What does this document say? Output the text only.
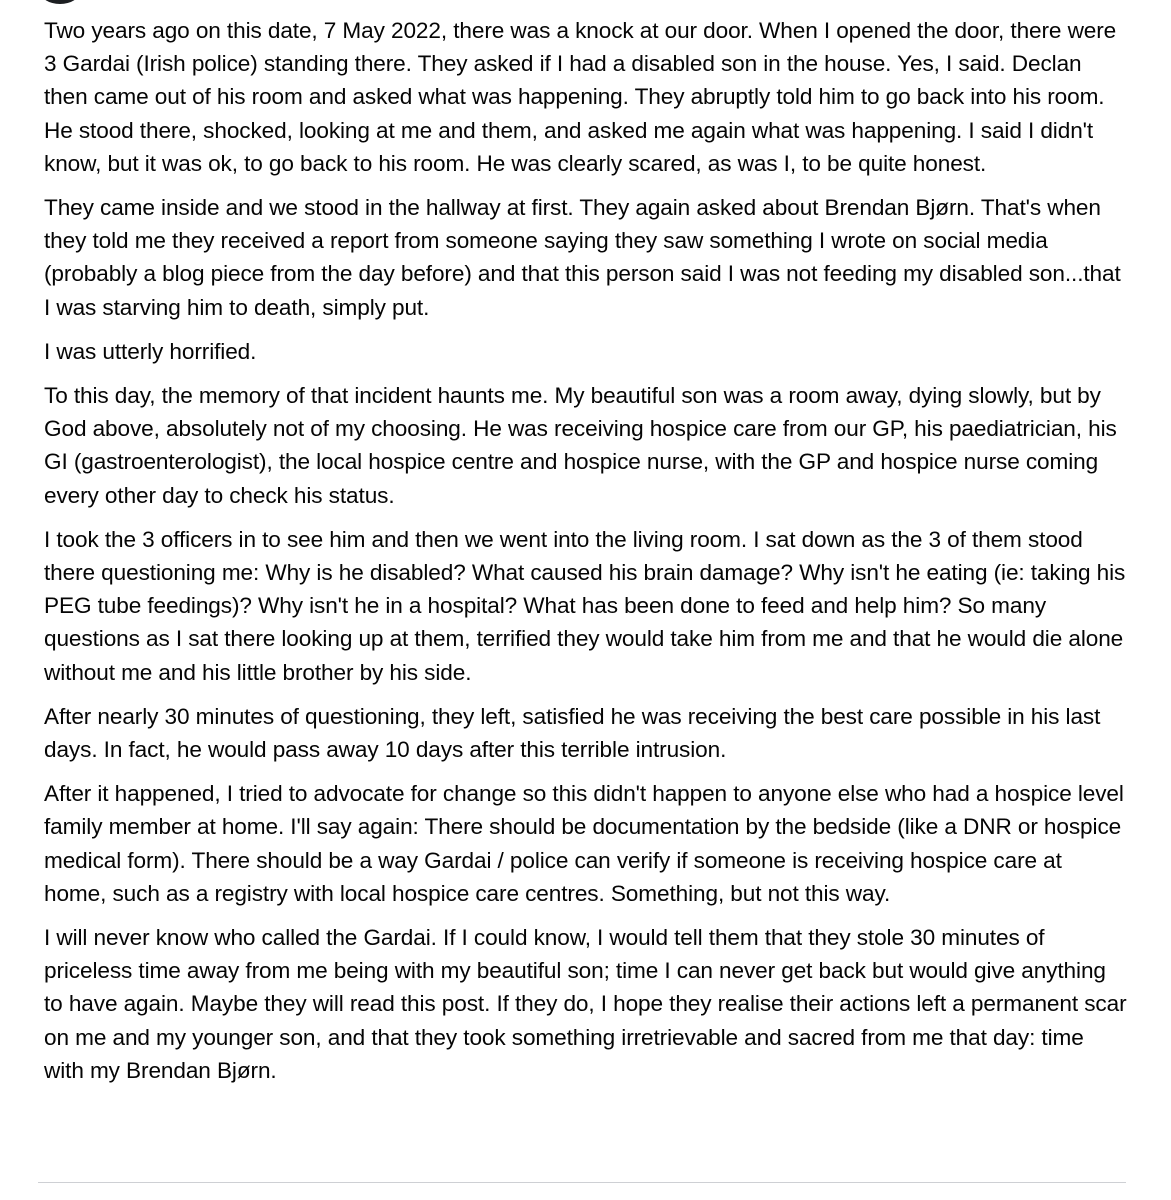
Two years ago on this date, 7 May 2022, there was a knock at our door. When I opened the door, there were 3 Gardai (Irish police) standing there. They asked if I had a disabled son in the house. Yes, I said. Declan then came out of his room and asked what was happening. They abruptly told him to go back into his room. He stood there, shocked, looking at me and them, and asked me again what was happening. I said I didn't know, but it was ok, to go back to his room. He was clearly scared, as was I, to be quite honest.

They came inside and we stood in the hallway at first. They again asked about Brendan Bjørn. That's when they told me they received a report from someone saying they saw something I wrote on social media (probably a blog piece from the day before) and that this person said I was not feeding my disabled son...that I was starving him to death, simply put.

I was utterly horrified.

To this day, the memory of that incident haunts me. My beautiful son was a room away, dying slowly, but by God above, absolutely not of my choosing. He was receiving hospice care from our GP, his paediatrician, his GI (gastroenterologist), the local hospice centre and hospice nurse, with the GP and hospice nurse coming every other day to check his status.

I took the 3 officers in to see him and then we went into the living room. I sat down as the 3 of them stood there questioning me: Why is he disabled? What caused his brain damage? Why isn't he eating (ie: taking his PEG tube feedings)? Why isn't he in a hospital? What has been done to feed and help him? So many questions as I sat there looking up at them, terrified they would take him from me and that he would die alone without me and his little brother by his side.

After nearly 30 minutes of questioning, they left, satisfied he was receiving the best care possible in his last days. In fact, he would pass away 10 days after this terrible intrusion.

After it happened, I tried to advocate for change so this didn't happen to anyone else who had a hospice level family member at home. I'll say again: There should be documentation by the bedside (like a DNR or hospice medical form). There should be a way Gardai / police can verify if someone is receiving hospice care at home, such as a registry with local hospice care centres. Something, but not this way.

I will never know who called the Gardai. If I could know, I would tell them that they stole 30 minutes of priceless time away from me being with my beautiful son; time I can never get back but would give anything to have again. Maybe they will read this post. If they do, I hope they realise their actions left a permanent scar on me and my younger son, and that they took something irretrievable and sacred from me that day: time with my Brendan Bjørn.
